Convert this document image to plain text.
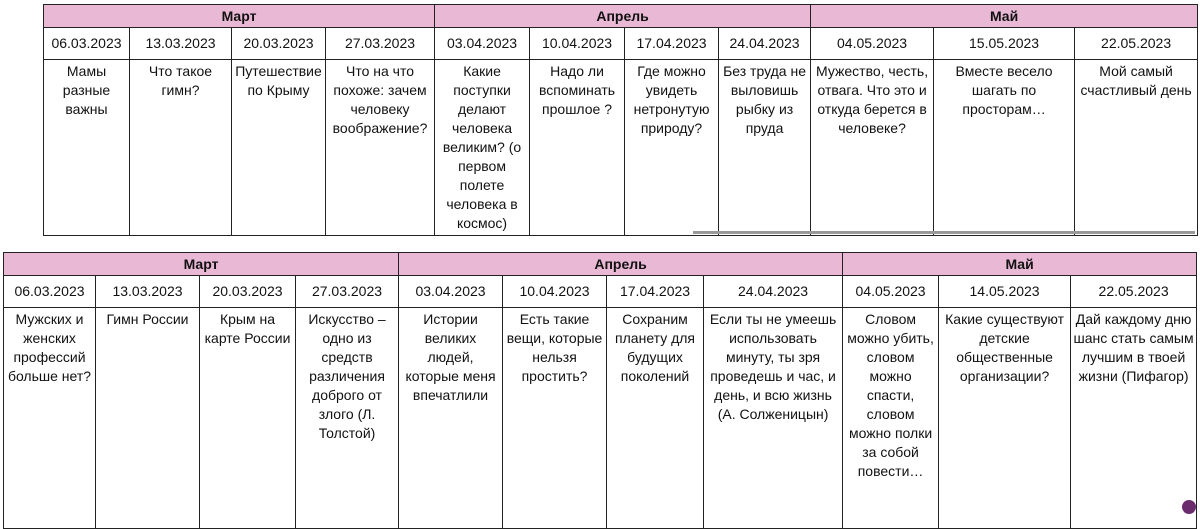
Март				Апрель				Май		
06.03.2023	13.03.2023	20.03.2023	27.03.2023	03.04.2023	10.04.2023	17.04.2023	24.04.2023	04.05.2023	15.05.2023	22.05.2023
Мамы разные важны	Что такое гимн?	Путешествие по Крыму	Что на что похоже: зачем человеку воображение?	Какие поступки делают человека великим? (о первом полете человека в космос)	Надо ли вспоминать прошлое ?	Где можно увидеть нетронутую природу?	Без труда не выловишь рыбку из пруда	Мужество, честь, отвага. Что это и откуда берется в человеке?	Вместе весело шагать по просторам…	Мой самый счастливый день
Март				Апрель				Май		
06.03.2023	13.03.2023	20.03.2023	27.03.2023	03.04.2023	10.04.2023	17.04.2023	24.04.2023	04.05.2023	14.05.2023	22.05.2023
Мужских и женских профессий больше нет?	Гимн России	Крым на карте России	Искусство – одно из средств различения доброго от злого (Л. Толстой)	Истории великих людей, которые меня впечатлили	Есть такие вещи, которые нельзя простить?	Сохраним планету для будущих поколений	Если ты не умеешь использовать минуту, ты зря проведешь и час, и день, и всю жизнь (А. Солженицын)	Словом можно убить, словом можно спасти, словом можно полки за собой повести…	Какие существуют детские общественные организации?	Дай каждому дню шанс стать самым лучшим в твоей жизни (Пифагор)
